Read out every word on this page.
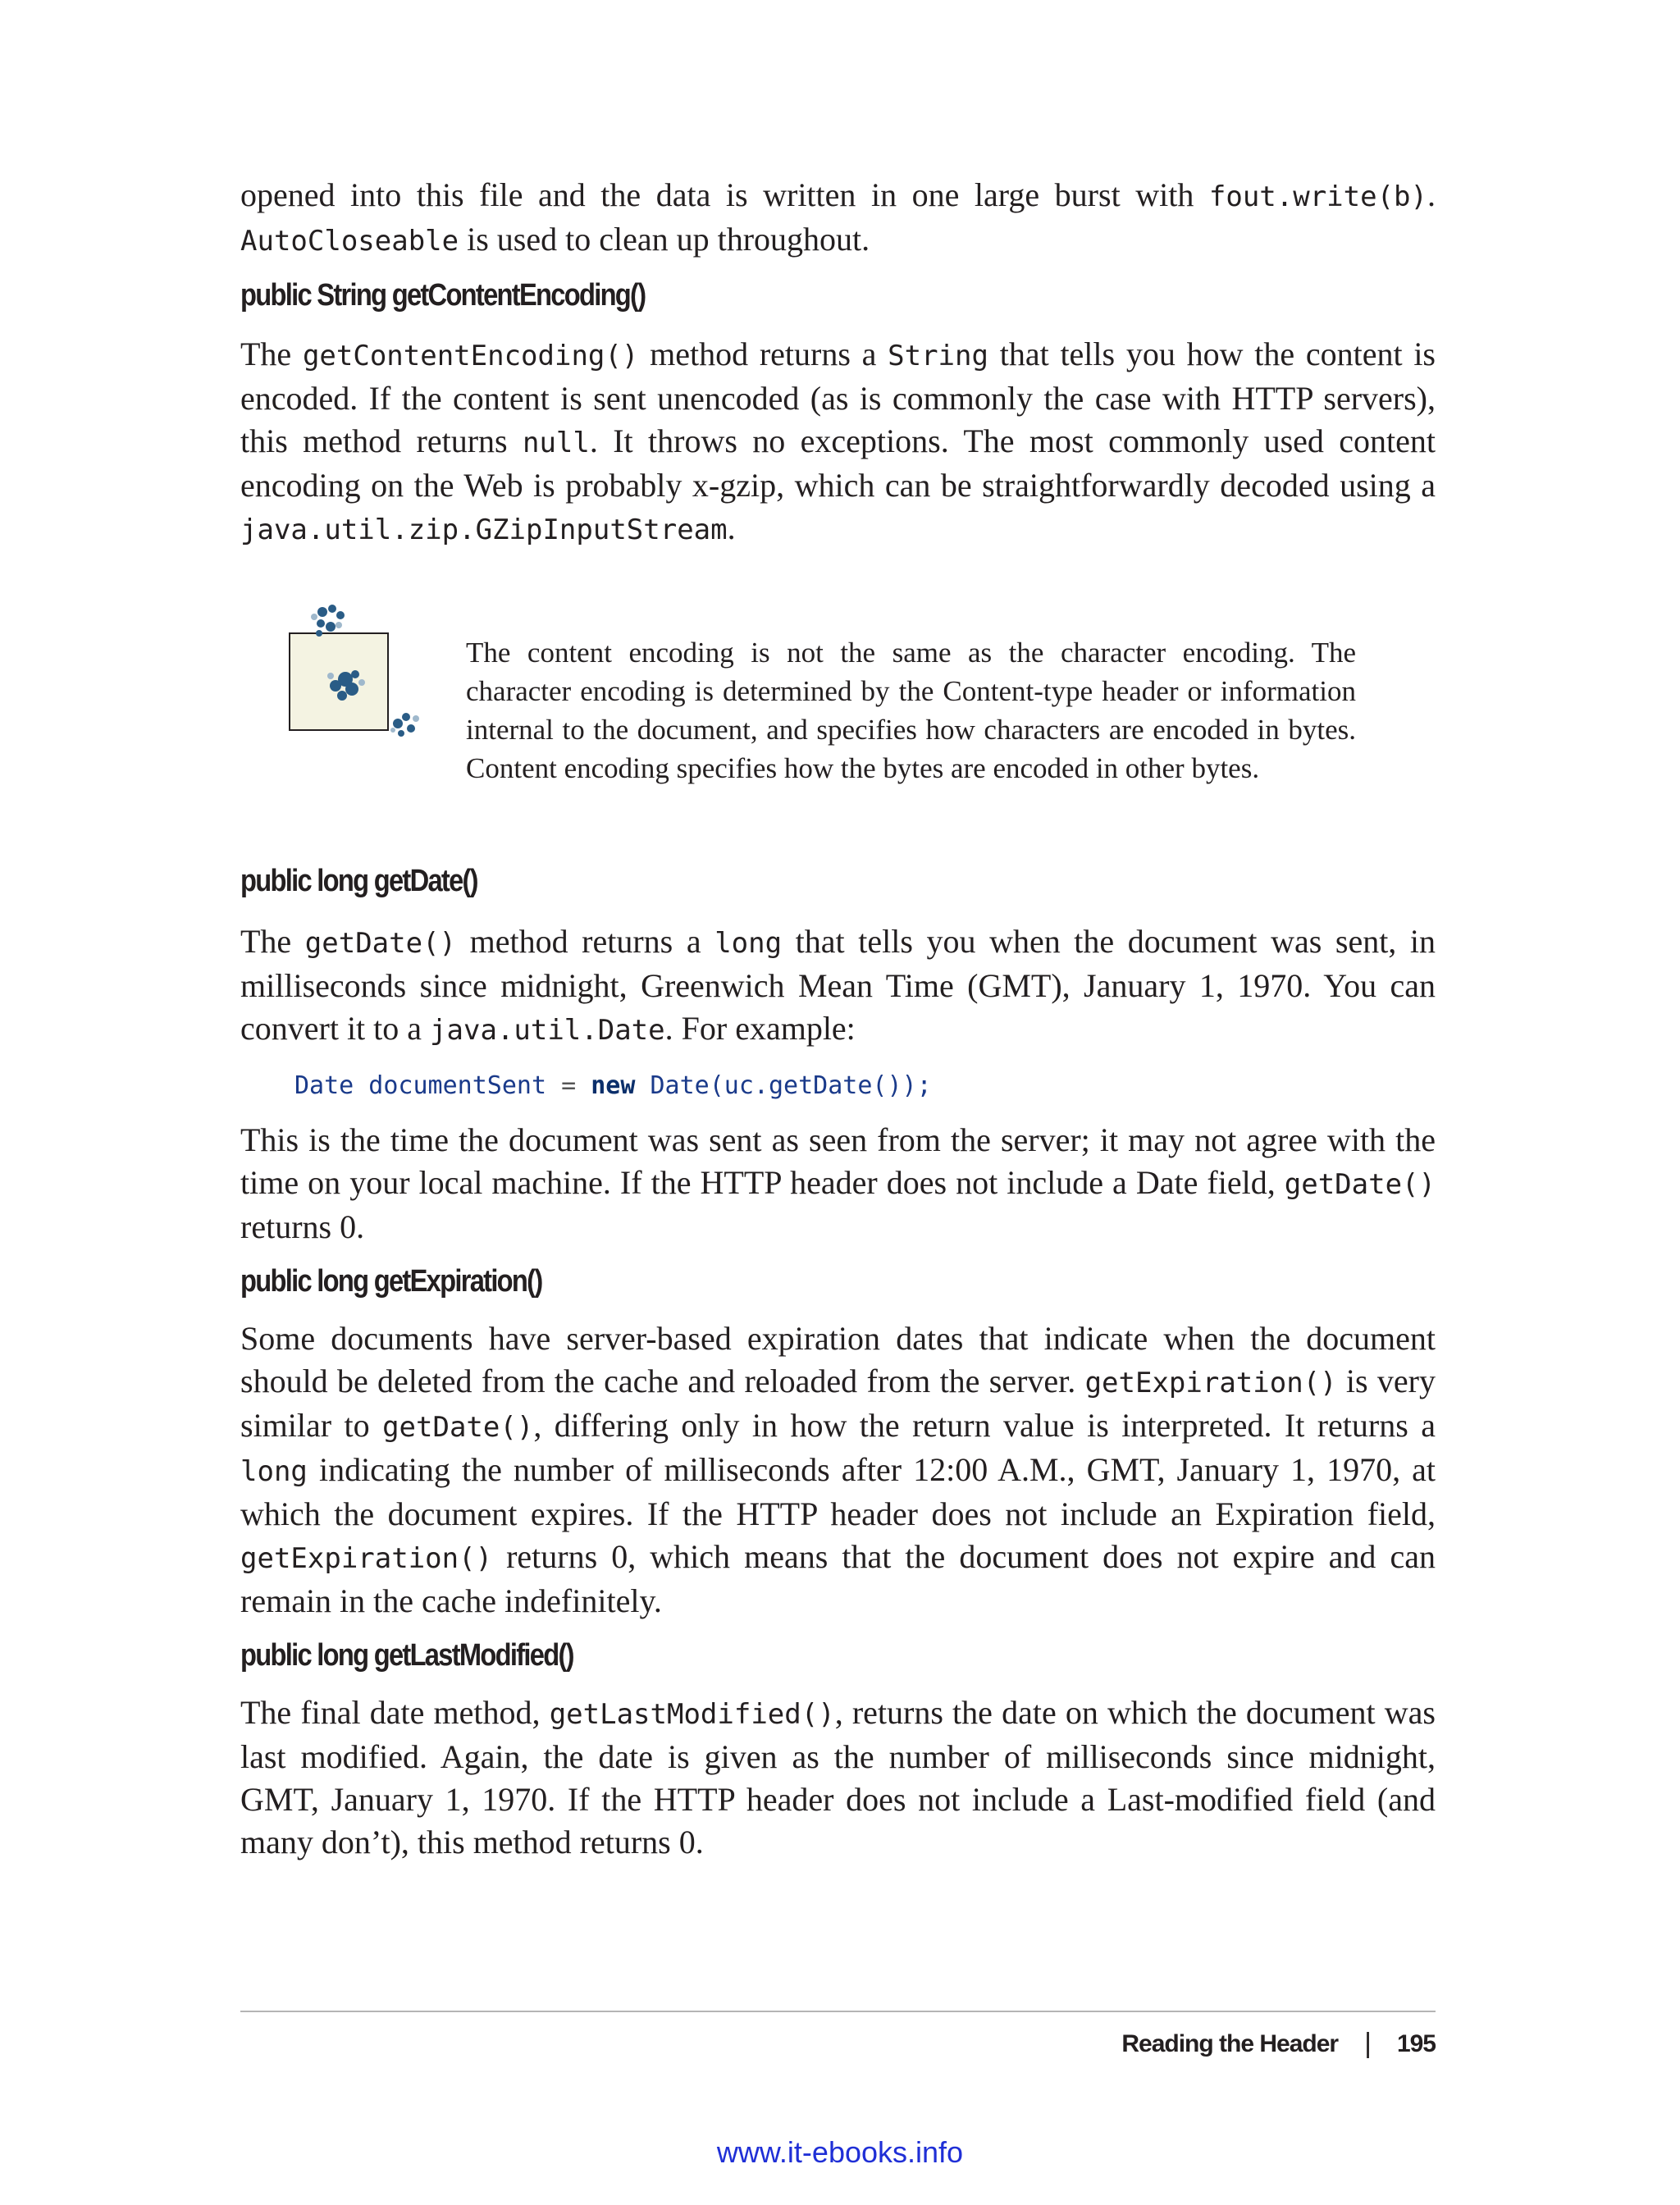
opened into this file and the data is written in one large burst with fout.write(b). AutoCloseable is used to clean up throughout.

public String getContentEncoding()

The getContentEncoding() method returns a String that tells you how the content is encoded. If the content is sent unencoded (as is commonly the case with HTTP servers), this method returns null. It throws no exceptions. The most commonly used content encoding on the Web is probably x-gzip, which can be straightforwardly decoded using a java.util.zip.GZipInputStream.

The content encoding is not the same as the character encoding. The character encoding is determined by the Content-type header or information internal to the document, and specifies how characters are encoded in bytes. Content encoding specifies how the bytes are encoded in other bytes.

public long getDate()

The getDate() method returns a long that tells you when the document was sent, in milliseconds since midnight, Greenwich Mean Time (GMT), January 1, 1970. You can convert it to a java.util.Date. For example:

Date documentSent = new Date(uc.getDate());

This is the time the document was sent as seen from the server; it may not agree with the time on your local machine. If the HTTP header does not include a Date field, getDate() returns 0.

public long getExpiration()

Some documents have server-based expiration dates that indicate when the document should be deleted from the cache and reloaded from the server. getExpiration() is very similar to getDate(), differing only in how the return value is interpreted. It returns a long indicating the number of milliseconds after 12:00 A.M., GMT, January 1, 1970, at which the document expires. If the HTTP header does not include an Expiration field, getExpiration() returns 0, which means that the document does not expire and can remain in the cache indefinitely.

public long getLastModified()

The final date method, getLastModified(), returns the date on which the document was last modified. Again, the date is given as the number of milliseconds since midnight, GMT, January 1, 1970. If the HTTP header does not include a Last-modified field (and many don’t), this method returns 0.

Reading the Header | 195
www.it-ebooks.info
